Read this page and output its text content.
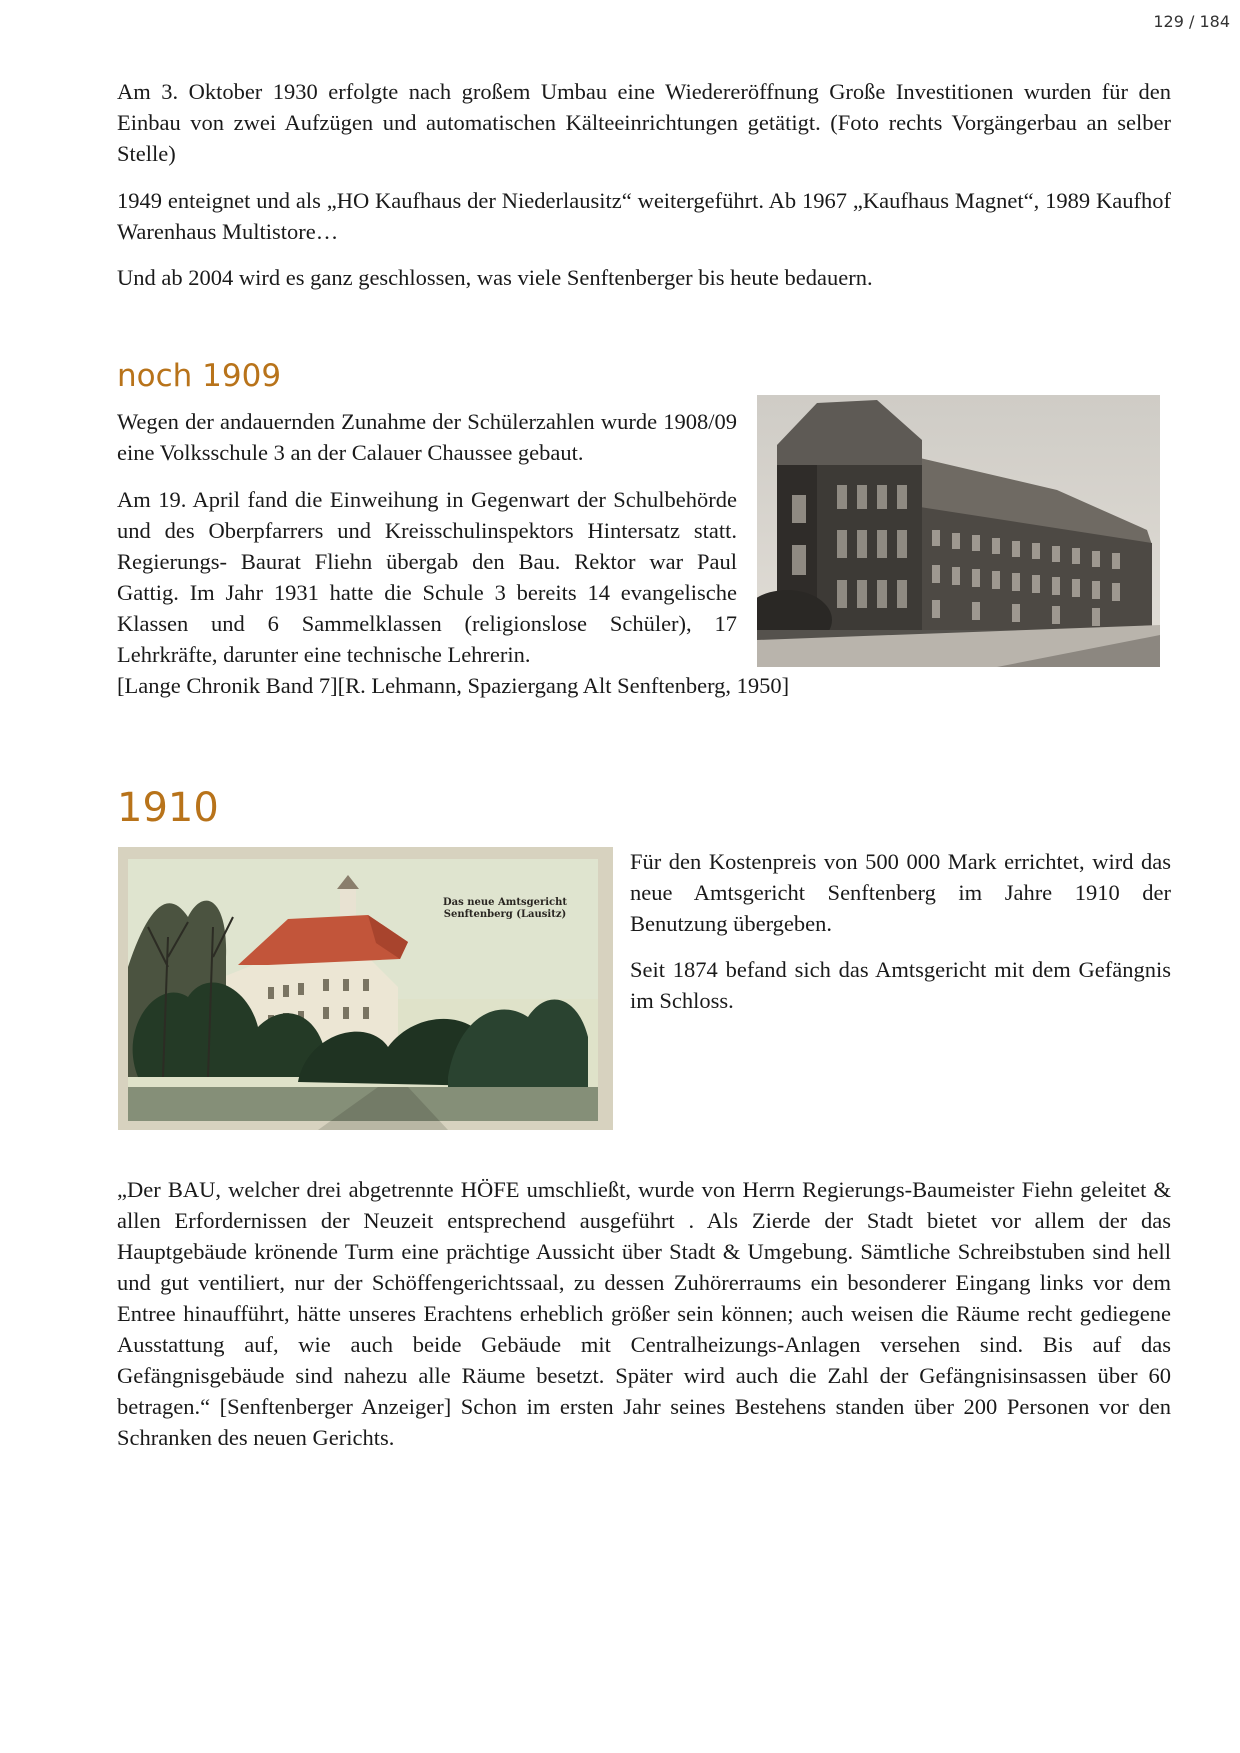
129 / 184

Am 3. Oktober 1930 erfolgte nach großem Umbau eine Wiedereröffnung Große Investitionen wurden für den Einbau von zwei Aufzügen und automatischen Kälteeinrichtungen getätigt. (Foto rechts Vorgängerbau an selber Stelle)

1949 enteignet und als „HO Kaufhaus der Niederlausitz“ weitergeführt. Ab 1967 „Kaufhaus Magnet“, 1989 Kaufhof Warenhaus Multistore…

Und ab 2004 wird es ganz geschlossen, was viele Senftenberger bis heute bedauern.

noch 1909

Wegen der andauernden Zunahme der Schülerzahlen wurde 1908/09 eine Volksschule 3 an der Calauer Chaussee gebaut.

Am 19. April fand die Einweihung in Gegenwart der Schulbehörde und des Oberpfarrers und Kreisschulinspektors Hintersatz statt. Regierungs- Baurat Fliehn übergab den Bau. Rektor war Paul Gattig. Im Jahr 1931 hatte die Schule 3 bereits 14 evangelische Klassen und 6 Sammelklassen (religionslose Schüler), 17 Lehrkräfte, darunter eine technische Lehrerin.

[Lange Chronik Band 7][R. Lehmann, Spaziergang Alt Senftenberg, 1950]

1910
Das neue Amtsgericht
Senftenberg (Lausitz)

Für den Kostenpreis von 500 000 Mark errichtet, wird das neue Amtsgericht Senftenberg im Jahre 1910 der Benutzung übergeben.

Seit 1874 befand sich das Amtsgericht mit dem Gefängnis im Schloss.

„Der BAU, welcher drei abgetrennte HÖFE umschließt, wurde von Herrn Regierungs-Baumeister Fiehn geleitet & allen Erfordernissen der Neuzeit entsprechend ausgeführt . Als Zierde der Stadt bietet vor allem der das Hauptgebäude krönende Turm eine prächtige Aussicht über Stadt & Umgebung. Sämtliche Schreibstuben sind hell und gut ventiliert, nur der Schöffengerichtssaal, zu dessen Zuhörerraums ein besonderer Eingang links vor dem Entree hinaufführt, hätte unseres Erachtens erheblich größer sein können; auch weisen die Räume recht gediegene Ausstattung auf, wie auch beide Gebäude mit Centralheizungs-Anlagen versehen sind. Bis auf das Gefängnisgebäude sind nahezu alle Räume besetzt. Später wird auch die Zahl der Gefängnisinsassen über 60 betragen.“ [Senftenberger Anzeiger] Schon im ersten Jahr seines Bestehens standen über 200 Personen vor den Schranken des neuen Gerichts.
